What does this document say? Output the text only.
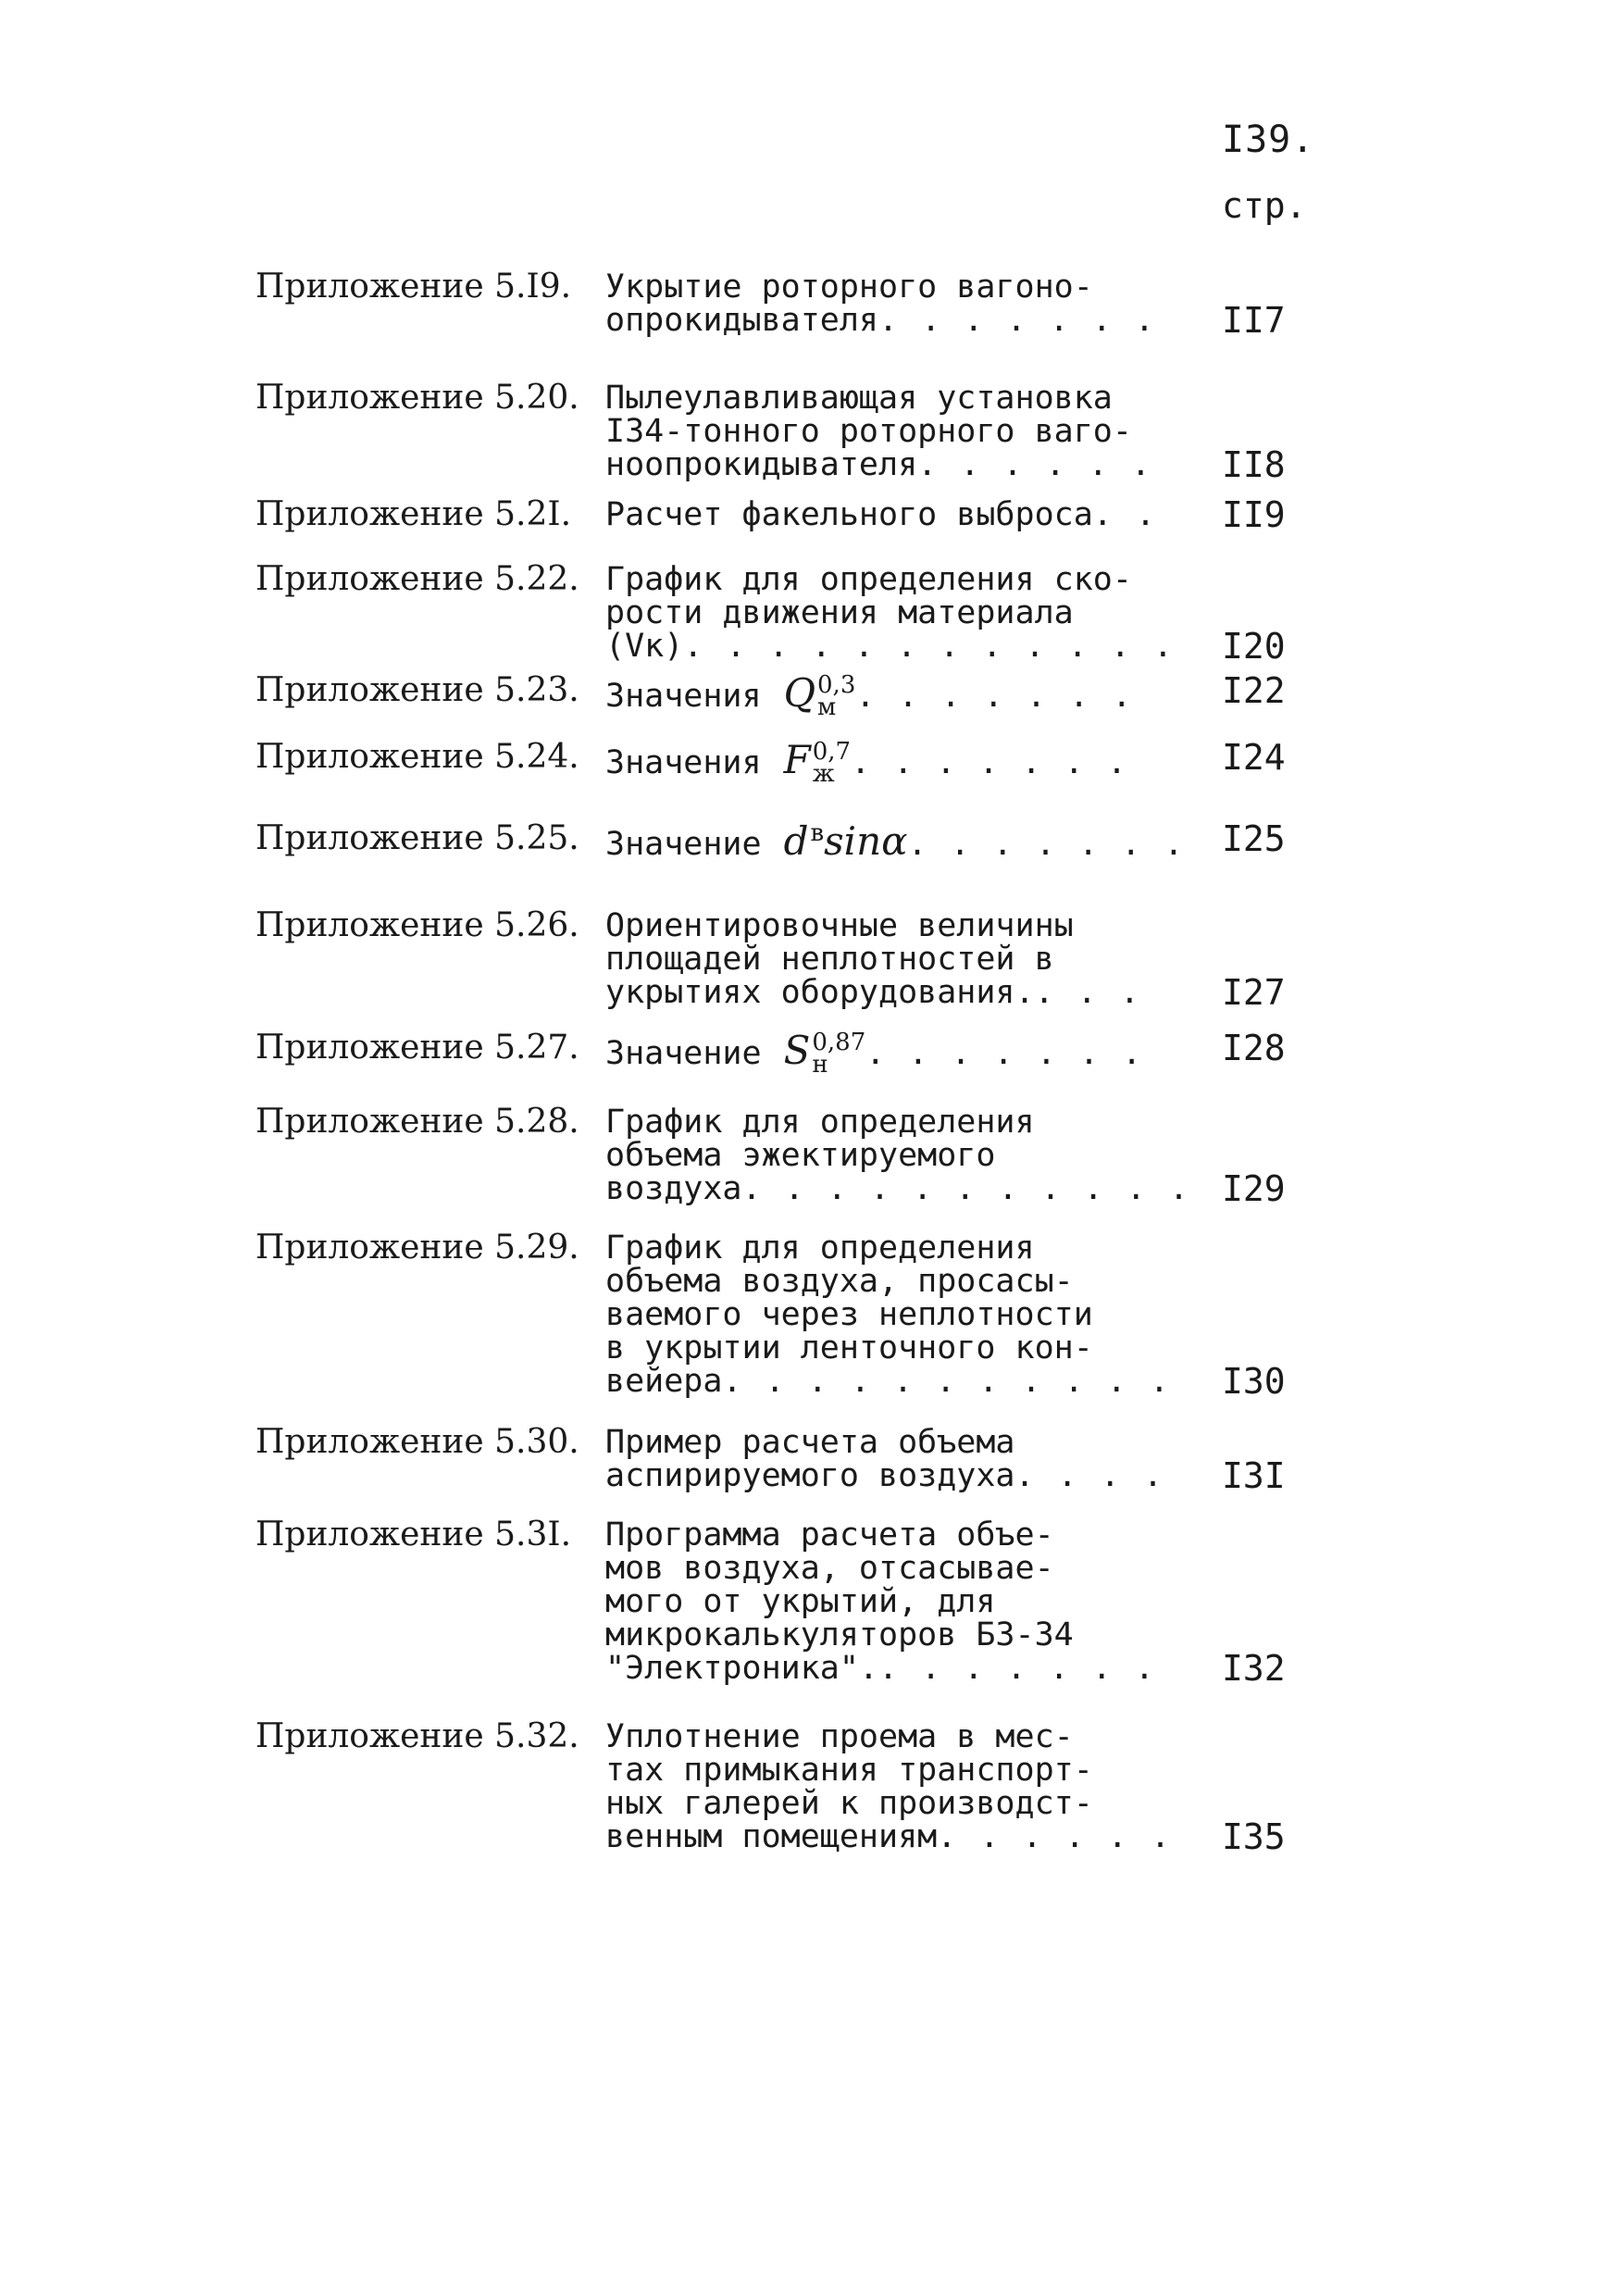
I39.
стр.
Приложение 5.I9.	Укрытие роторного вагоно-
опрокидывателя . . . . . . . II7
Приложение 5.20. Пылеулавливающая установка
I34-тонного роторного ваго-
ноопрокидывателя . . . . . . II8
Приложение 5.2I.	Расчет факельного выброса . . II9
Приложение 5.22. График для определения ско-
рости движения материала
(Vк) . . . . . . . . . . . . I20
Приложение 5.23. Значения Q 0,3
м . . . . . . .	I22
Приложение 5.24. Значения F 0,7
ж . . . . . . .	I24
Приложение 5.25. Значение d в sinα . . . . . . . I25
Приложение 5.26. Ориентировочные величины
площадей неплотностей в
укрытиях оборудования. . . . I27
Приложение 5.27. Значение S 0,87
н	. . . . . . . I28
Приложение 5.28. График для определения
объема эжектируемого
воздуха . . . . . . . . . . . I29
Приложение 5.29. График для определения
объема воздуха, просасы-
ваемого через неплотности
в укрытии ленточного кон-
вейера . . . . . . . . . . . I30
Приложение 5.30. Пример расчета объема
аспирируемого воздуха . . . . I3I
Приложение 5.3I.	Программа расчета объе-
мов воздуха, отсасывае-
мого от укрытий, для
микрокалькуляторов БЗ-34
"Электроника". . . . . . . . I32
Приложение 5.32. Уплотнение проема в мес-
тах примыкания транспорт-
ных галерей к производст-
венным помещениям . . . . . . I35
